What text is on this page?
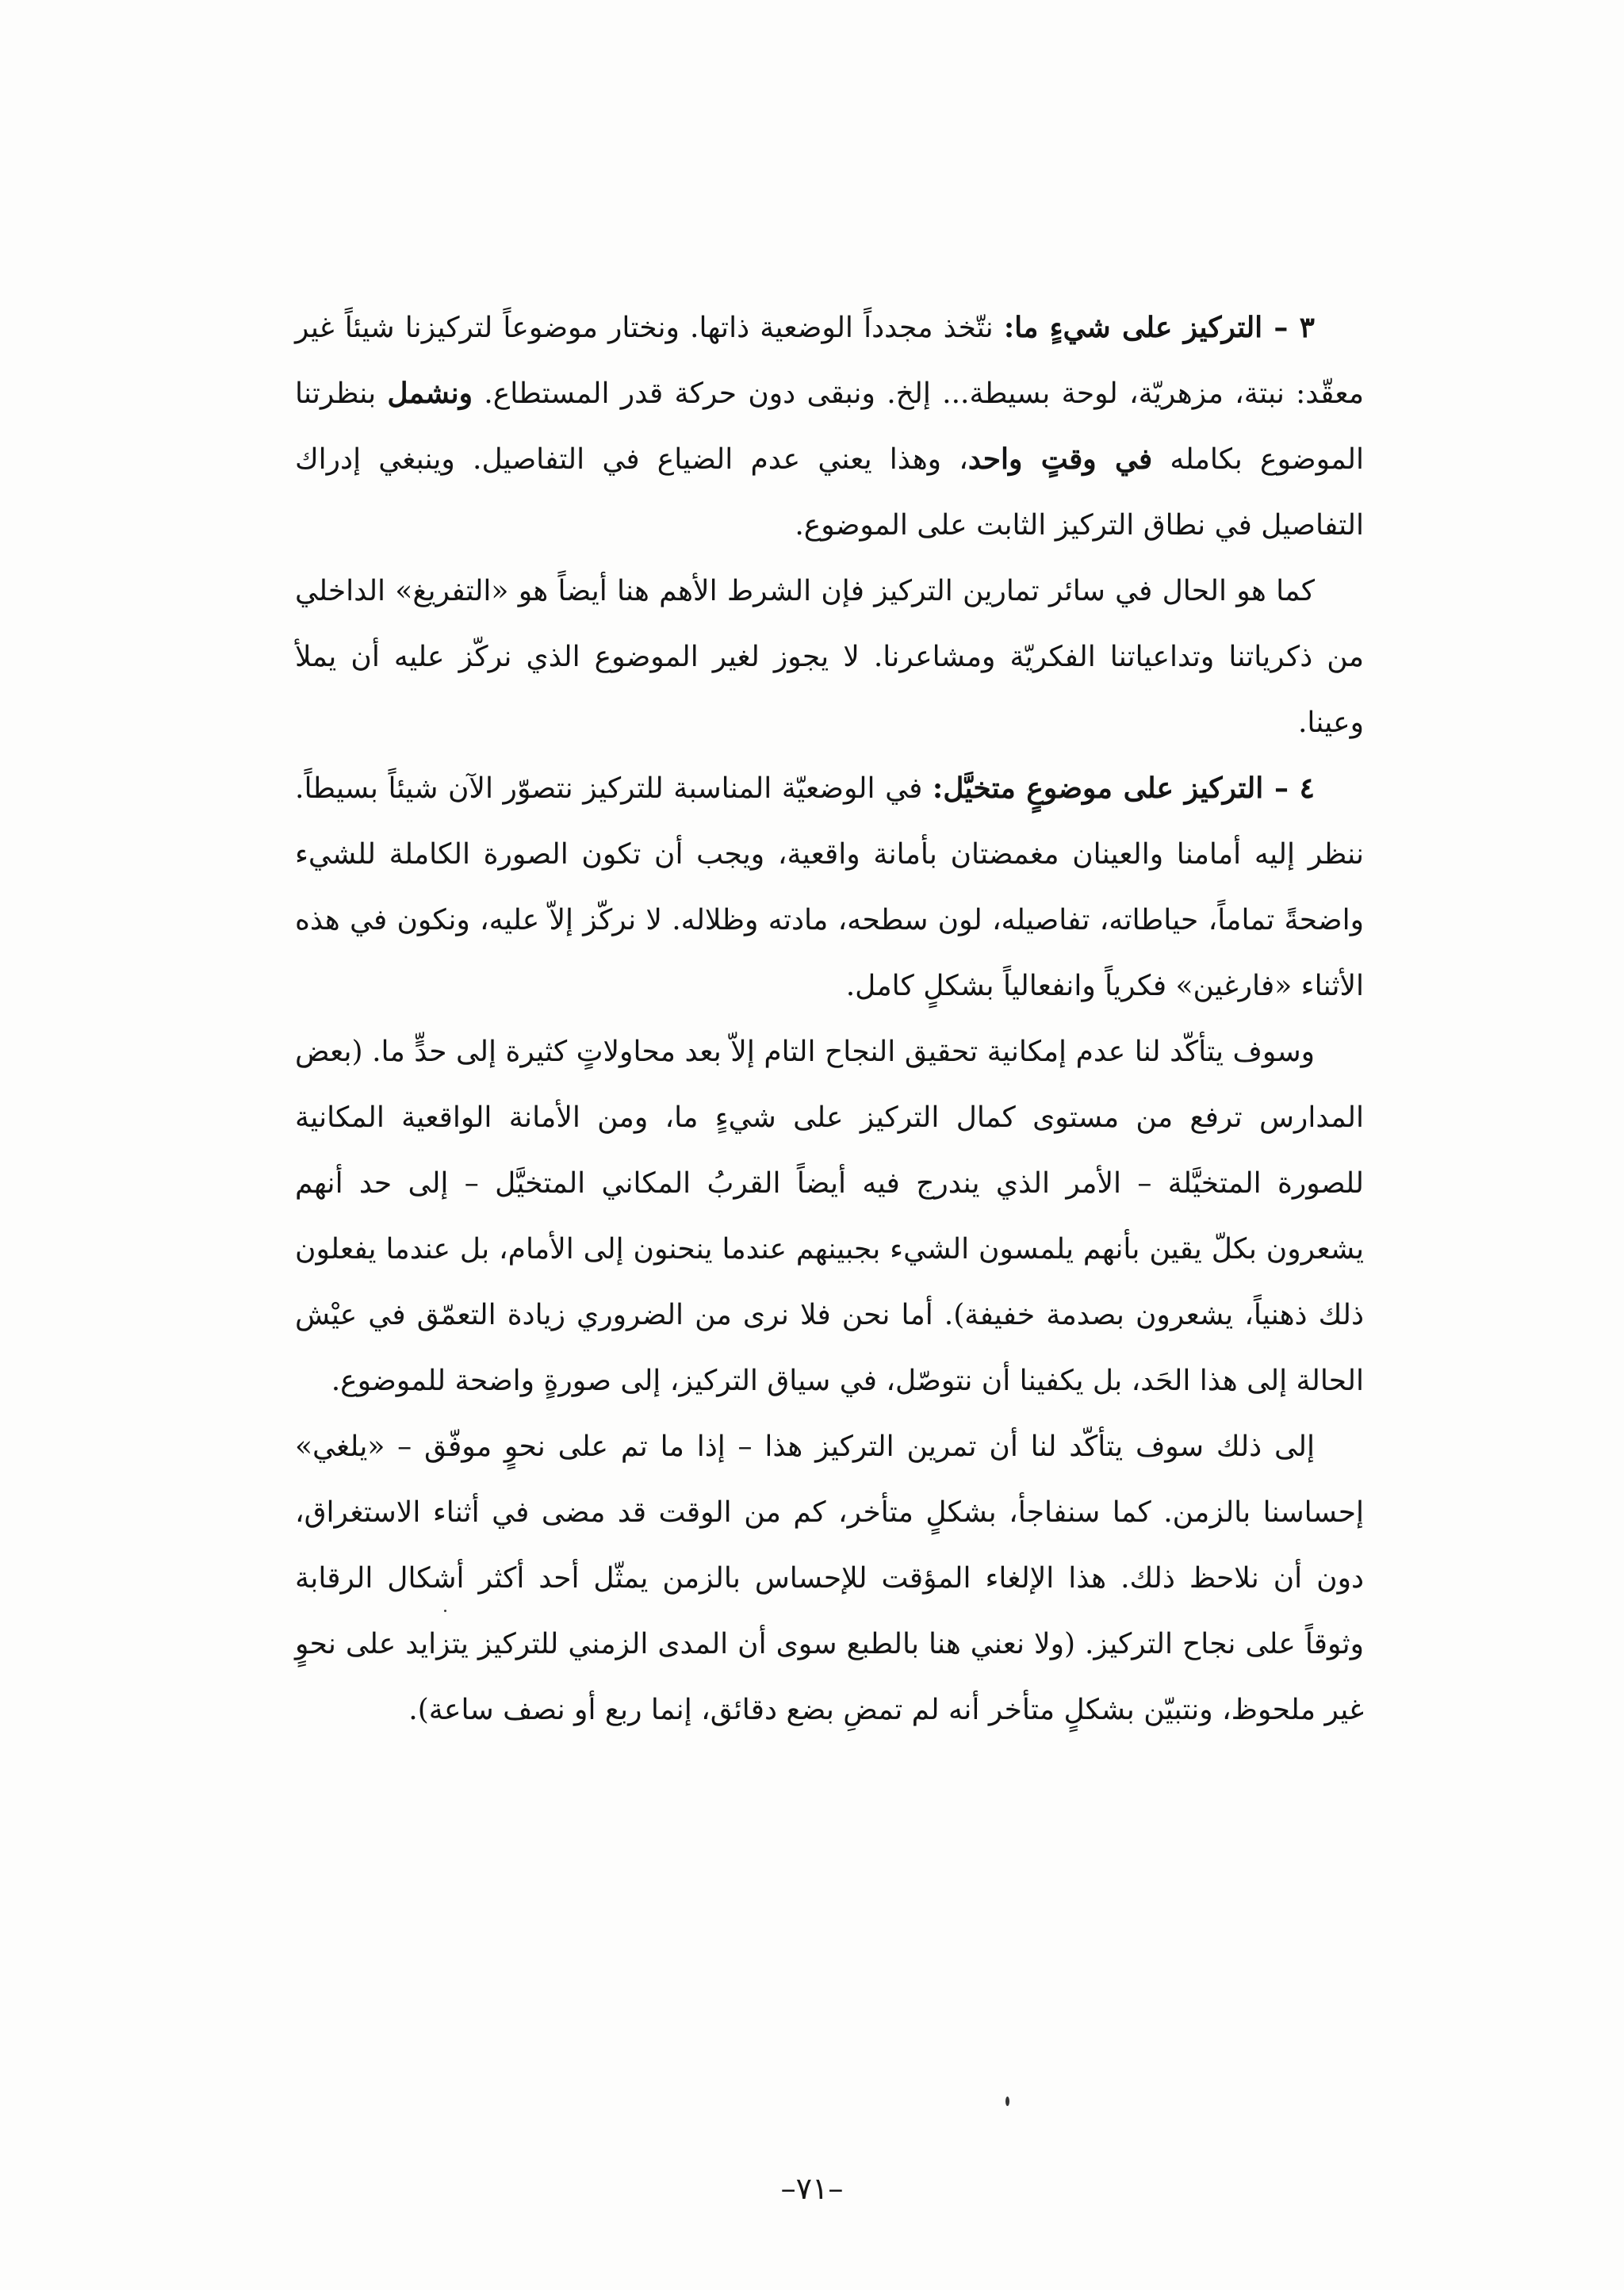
٣ – التركيز على شيءٍ ما: نتّخذ مجدداً الوضعية ذاتها. ونختار موضوعاً لتركيزنا شيئاً غير معقّد: نبتة، مزهريّة، لوحة بسيطة... إلخ. ونبقى دون حركة قدر المستطاع. ونشمل بنظرتنا الموضوع بكامله في وقتٍ واحد، وهذا يعني عدم الضياع في التفاصيل. وينبغي إدراك التفاصيل في نطاق التركيز الثابت على الموضوع.

كما هو الحال في سائر تمارين التركيز فإن الشرط الأهم هنا أيضاً هو «التفريغ» الداخلي من ذكرياتنا وتداعياتنا الفكريّة ومشاعرنا. لا يجوز لغير الموضوع الذي نركّز عليه أن يملأ وعينا.

٤ – التركيز على موضوعٍ متخيَّل: في الوضعيّة المناسبة للتركيز نتصوّر الآن شيئاً بسيطاً. ننظر إليه أمامنا والعينان مغمضتان بأمانة واقعية، ويجب أن تكون الصورة الكاملة للشيء واضحةً تماماً، حياطاته، تفاصيله، لون سطحه، مادته وظلاله. لا نركّز إلاّ عليه، ونكون في هذه الأثناء «فارغين» فكرياً وانفعالياً بشكلٍ كامل.

وسوف يتأكّد لنا عدم إمكانية تحقيق النجاح التام إلاّ بعد محاولاتٍ كثيرة إلى حدٍّ ما. (بعض المدارس ترفع من مستوى كمال التركيز على شيءٍ ما، ومن الأمانة الواقعية المكانية للصورة المتخيَّلة – الأمر الذي يندرج فيه أيضاً القربُ المكاني المتخيَّل – إلى حد أنهم يشعرون بكلّ يقين بأنهم يلمسون الشيء بجبينهم عندما ينحنون إلى الأمام، بل عندما يفعلون ذلك ذهنياً، يشعرون بصدمة خفيفة). أما نحن فلا نرى من الضروري زيادة التعمّق في عيْش الحالة إلى هذا الحَد، بل يكفينا أن نتوصّل، في سياق التركيز، إلى صورةٍ واضحة للموضوع.

إلى ذلك سوف يتأكّد لنا أن تمرين التركيز هذا – إذا ما تم على نحوٍ موفّق – «يلغي» إحساسنا بالزمن. كما سنفاجأ، بشكلٍ متأخر، كم من الوقت قد مضى في أثناء الاستغراق، دون أن نلاحظ ذلك. هذا الإلغاء المؤقت للإحساس بالزمن يمثّل أحد أكثر أشكال الرقابة وثوقاً على نجاح التركيز. (ولا نعني هنا بالطبع سوى أن المدى الزمني للتركيز يتزايد على نحوٍ غير ملحوظ، ونتبيّن بشكلٍ متأخر أنه لم تمضِ بضع دقائق، إنما ربع أو نصف ساعة).

–٧١–
